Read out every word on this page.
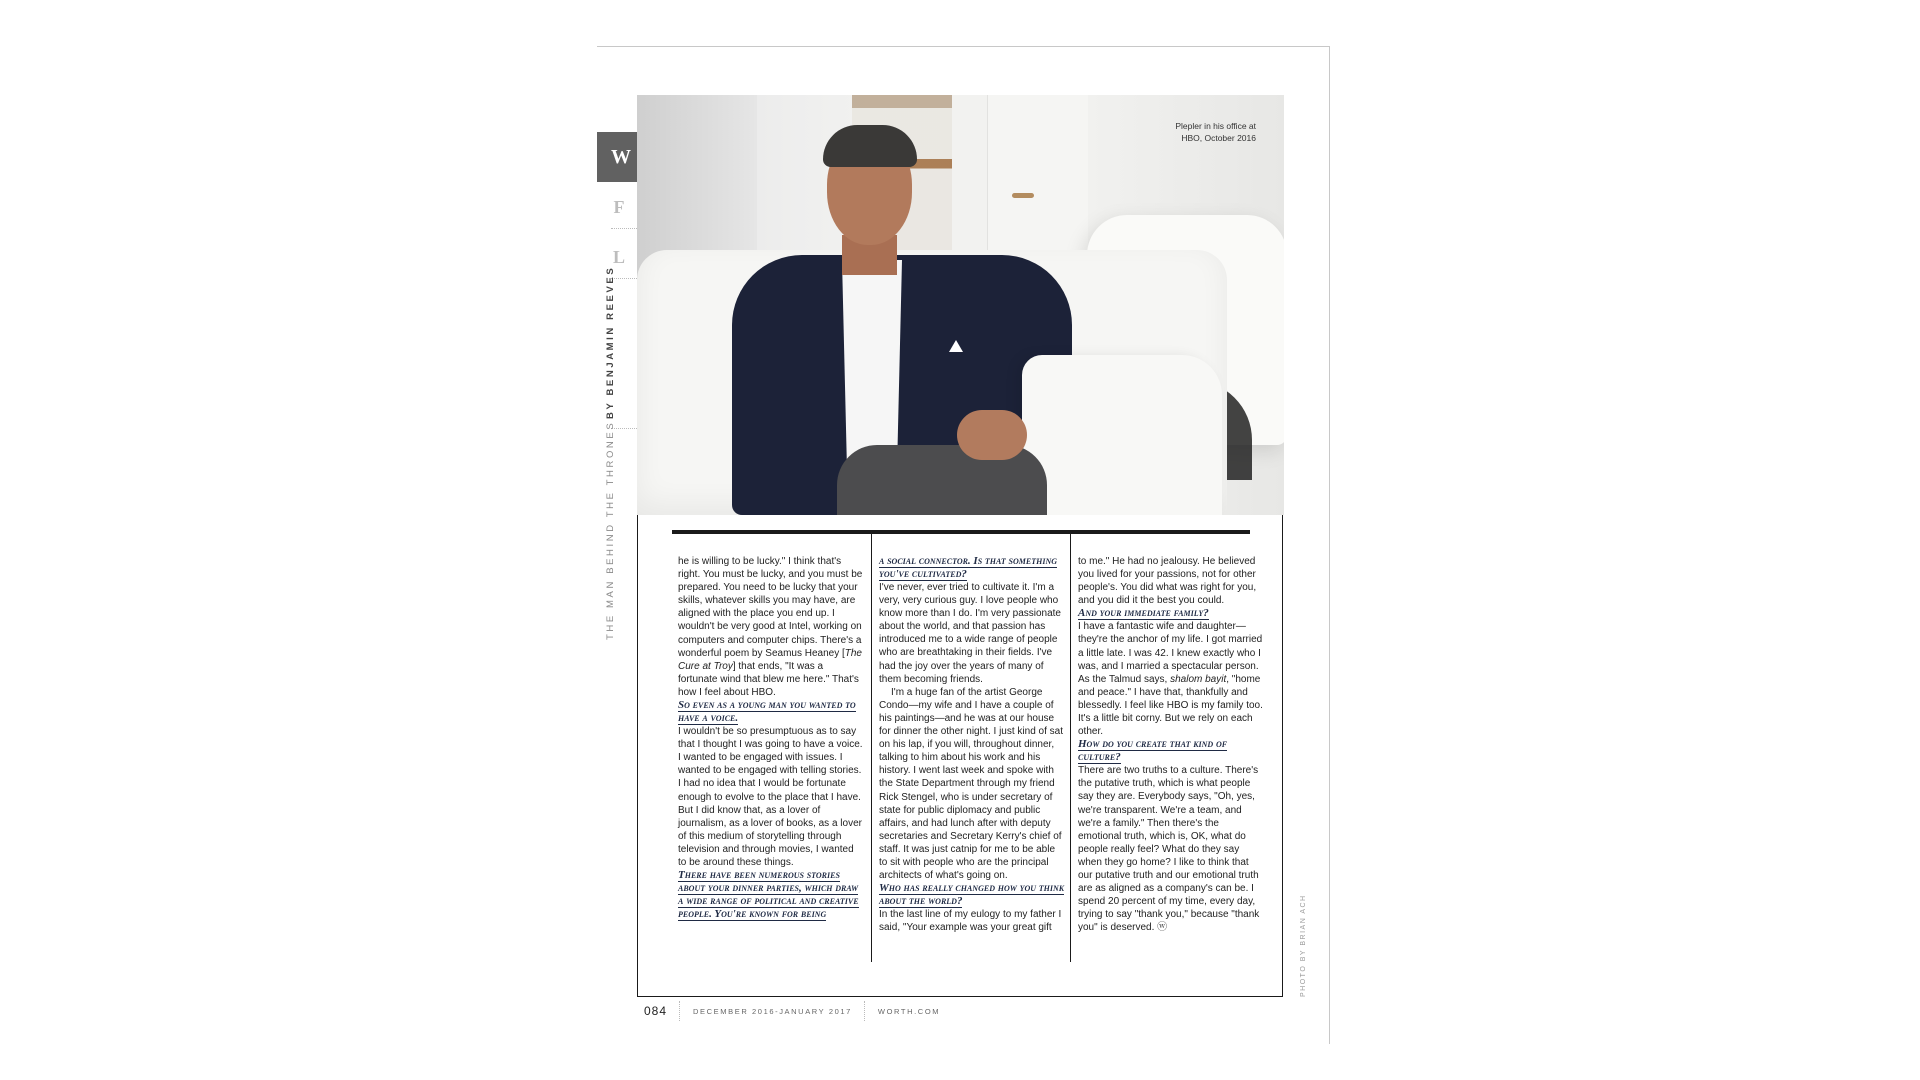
W
F
L
BY BENJAMIN REEVES
THE MAN BEHIND THE THRONES
Plepler in his office at
HBO, October 2016

he is willing to be lucky." I think that's right. You must be lucky, and you must be prepared. You need to be lucky that your skills, whatever skills you may have, are aligned with the place you end up. I wouldn't be very good at Intel, working on computers and computer chips. There's a wonderful poem by Seamus Heaney [The Cure at Troy] that ends, "It was a fortunate wind that blew me here." That's how I feel about HBO.

So even as a young man you wanted to have a voice.

I wouldn't be so presumptuous as to say that I thought I was going to have a voice. I wanted to be engaged with issues. I wanted to be engaged with telling stories. I had no idea that I would be fortunate enough to evolve to the place that I have. But I did know that, as a lover of journalism, as a lover of books, as a lover of this medium of storytelling through television and through movies, I wanted to be around these things.

There have been numerous stories about your dinner parties, which draw a wide range of political and creative people. You're known for being

a social connector. Is that something you've cultivated?

I've never, ever tried to cultivate it. I'm a very, very curious guy. I love people who know more than I do. I'm very passionate about the world, and that passion has introduced me to a wide range of people who are breathtaking in their fields. I've had the joy over the years of many of them becoming friends.

I'm a huge fan of the artist George Condo—my wife and I have a couple of his paintings—and he was at our house for dinner the other night. I just kind of sat on his lap, if you will, throughout dinner, talking to him about his work and his history. I went last week and spoke with the State Department through my friend Rick Stengel, who is under secretary of state for public diplomacy and public affairs, and had lunch after with deputy secretaries and Secretary Kerry's chief of staff. It was just catnip for me to be able to sit with people who are the principal architects of what's going on.

Who has really changed how you think about the world?

In the last line of my eulogy to my father I said, "Your example was your great gift

to me." He had no jealousy. He believed you lived for your passions, not for other people's. You did what was right for you, and you did it the best you could.

And your immediate family?

I have a fantastic wife and daughter—they're the anchor of my life. I got married a little late. I was 42. I knew exactly who I was, and I married a spectacular person. As the Talmud says, shalom bayit, "home and peace." I have that, thankfully and blessedly. I feel like HBO is my family too. It's a little bit corny. But we rely on each other.

How do you create that kind of culture?

There are two truths to a culture. There's the putative truth, which is what people say they are. Everybody says, "Oh, yes, we're transparent. We're a team, and we're a family." Then there's the emotional truth, which is, OK, what do people really feel? What do they say when they go home? I like to think that our putative truth and our emotional truth are as aligned as a company's can be. I spend 20 percent of my time, every day, trying to say "thank you," because "thank you" is deserved. ⓦ	PHOTO BY BRIAN ACH
084	DECEMBER 2016-JANUARY 2017	WORTH.COM
